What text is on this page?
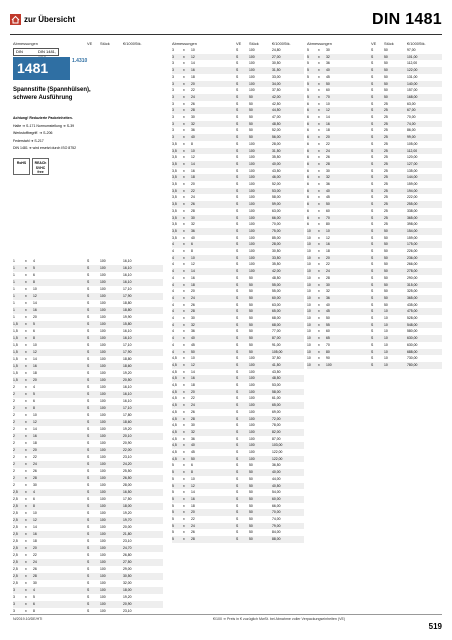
zur Übersicht	DIN 1481
Abmessungen	VE Stück	€/1000Stk.	Abmessungen	VE Stück	€/1000Stk.	Abmessungen	VE Stück	€/1000Stk.
DIN	DIN 1481,
1481	1.4310
Spannstifte (Spannhülsen),
schwere Ausführung
Achtung! Reduzierte Packeinheiten.
Halte ➔ S-171 Normumstellung ➔ S-39
Werkstoffbegriff. ➔ S-206
Federstahl ➔ S-217
DIN 1481 ➔ wird ersetzt durch ISO 8752
RoHS	REACh SVHC free
1	x 4	S	100	16,10
1	x 5	S	100	16,10
1	x 6	S	100	16,10
1	x 8	S	100	16,10
1	x 10	S	100	17,10
1	x 12	S	100	17,90
1	x 14	S	100	18,80
1	x 16	S	100	18,80
1	x 20	S	100	19,90
1,5 x 5	S	100	15,80
1,5 x 6	S	100	16,10
1,5 x 8	S	100	16,10
1,5 x 10	S	100	17,10
1,5 x 12	S	100	17,90
1,5 x 14	S	100	18,80
1,5 x 16	S	100	18,60
1,5 x 18	S	100	19,20
1,5 x 20	S	100	20,50
2	x 4	S	100	16,10
2	x 5	S	100	16,10
2	x 6	S	100	16,10
2	x 8	S	100	17,10
2	x 10	S	100	17,80
2	x 12	S	100	18,60
2	x 14	S	100	19,20
2	x 16	S	100	20,10
2	x 18	S	100	20,90
2	x 20	S	100	22,00
2	x 22	S	100	23,10
2	x 24	S	100	24,20
2	x 26	S	100	25,50
2	x 28	S	100	26,50
2	x 30	S	100	28,00
2,5 x 4	S	100	16,50
2,5 x 6	S	100	17,50
2,5 x 8	S	100	18,00
2,5 x 10	S	100	19,20
2,5 x 12	S	100	19,70
2,5 x 14	S	100	20,00
2,5 x 16	S	100	21,80
2,5 x 18	S	100	23,10
2,5 x 20	S	100	24,70
2,5 x 22	S	100	26,80
2,5 x 24	S	100	27,50
2,5 x 26	S	100	29,00
2,5 x 28	S	100	30,50
2,5 x 30	S	100	32,00
3	x 4	S	100	18,00
3	x 5	S	100	19,20
3	x 6	S	100	20,90
3	x 8	S	100	23,10
3	x 10	S	100	24,80
3	x 12	S	100	27,00
3	x 14	S	100	30,50
3	x 16	S	100	31,50
3	x 18	S	100	33,00
3	x 20	S	100	34,00
3	x 22	S	100	37,50
3	x 24	S	50	42,00
3	x 26	S	50	42,50
3	x 28	S	50	44,50
3	x 30	S	50	47,00
3	x 32	S	50	48,50
3	x 36	S	50	52,00
3	x 40	S	50	56,00
3,5 x 8	S	100	28,00
3,5 x 10	S	100	31,50
3,5 x 12	S	100	35,50
3,5 x 14	S	100	40,00
3,5 x 16	S	100	43,50
3,5 x 18	S	100	46,00
3,5 x 20	S	100	52,00
3,5 x 22	S	100	53,00
3,5 x 24	S	100	58,00
3,5 x 26	S	100	59,00
3,5 x 28	S	100	63,00
3,5 x 30	S	100	66,00
3,5 x 32	S	100	70,00
3,5 x 36	S	100	75,00
3,5 x 40	S	100	85,00
4	x 6	S	100	28,00
4	x 8	S	100	30,50
4	x 10	S	100	33,50
4	x 12	S	100	35,50
4	x 14	S	100	42,00
4	x 16	S	50	48,50
4	x 18	S	50	55,00
4	x 20	S	50	55,00
4	x 24	S	50	60,00
4	x 26	S	50	63,00
4	x 28	S	50	65,00
4	x 30	S	50	68,00
4	x 32	S	50	68,00
4	x 36	S	50	77,00
4	x 40	S	50	87,00
4	x 45	S	50	91,00
4	x 50	S	50	105,00
4,5 x 10	S	100	37,50
4,5 x 12	S	100	41,50
4,5 x 14	S	100	43,50
4,5 x 16	S	100	48,50
4,5 x 18	S	100	53,00
4,5 x 20	S	100	58,00
4,5 x 22	S	100	61,00
4,5 x 24	S	100	65,00
4,5 x 26	S	100	69,00
4,5 x 28	S	100	72,00
4,5 x 30	S	100	78,00
4,5 x 32	S	100	82,00
4,5 x 36	S	100	87,00
4,5 x 40	S	100	103,00
4,5 x 45	S	100	122,00
4,5 x 50	S	100	122,00
5	x 6	S	50	36,50
5	x 8	S	50	40,00
5	x 10	S	50	44,00
5	x 12	S	50	40,50
5	x 14	S	50	54,00
5	x 16	S	50	60,00
5	x 18	S	50	66,00
5	x 20	S	50	70,00
5	x 22	S	50	74,00
5	x 24	S	50	79,00
5	x 26	S	50	84,00
5	x 28	S	50	88,00
5	x 30	S	50	97,00
5	x 32	S	50	101,00
5	x 36	S	50	112,00
5	x 40	S	50	122,00
5	x 45	S	50	131,00
5	x 50	S	50	140,00
5	x 60	S	50	157,00
5	x 70	S	50	168,00
6	x 10	S	25	63,00
6	x 12	S	25	67,00
6	x 14	S	25	70,00
6	x 16	S	25	74,00
6	x 18	S	25	86,00
6	x 20	S	25	99,00
6	x 22	S	25	105,00
6	x 24	S	25	112,00
6	x 26	S	25	120,00
6	x 28	S	25	127,00
6	x 30	S	25	135,00
6	x 32	S	25	144,00
6	x 36	S	25	159,00
6	x 40	S	25	194,00
6	x 45	S	25	222,00
6	x 50	S	25	255,00
6	x 60	S	25	338,00
6	x 70	S	25	365,00
6	x 80	S	25	398,00
10 x 10	S	50	154,00
10 x 12	S	50	159,00
10 x 16	S	50	175,00
10 x 18	S	50	226,00
10 x 20	S	50	236,00
10 x 22	S	50	266,00
10 x 24	S	50	278,00
10 x 28	S	50	290,00
10 x 30	S	50	315,00
10 x 32	S	50	325,00
10 x 36	S	50	365,00
10 x 40	S	50	435,00
10 x 45	S	10	475,00
10 x 50	S	10	528,00
10 x 55	S	10	548,00
10 x 60	S	10	580,00
10 x 65	S	10	630,00
10 x 70	S	10	630,00
10 x 80	S	10	688,00
10 x 90	S	10	730,00
10 x 100	S	10	780,00
N/2019.10/DE/HTI	€/100 ➔ Preis in € zuzüglich MwSt. bei Abnahme voller Verpackungseinheiten (VE)
519
